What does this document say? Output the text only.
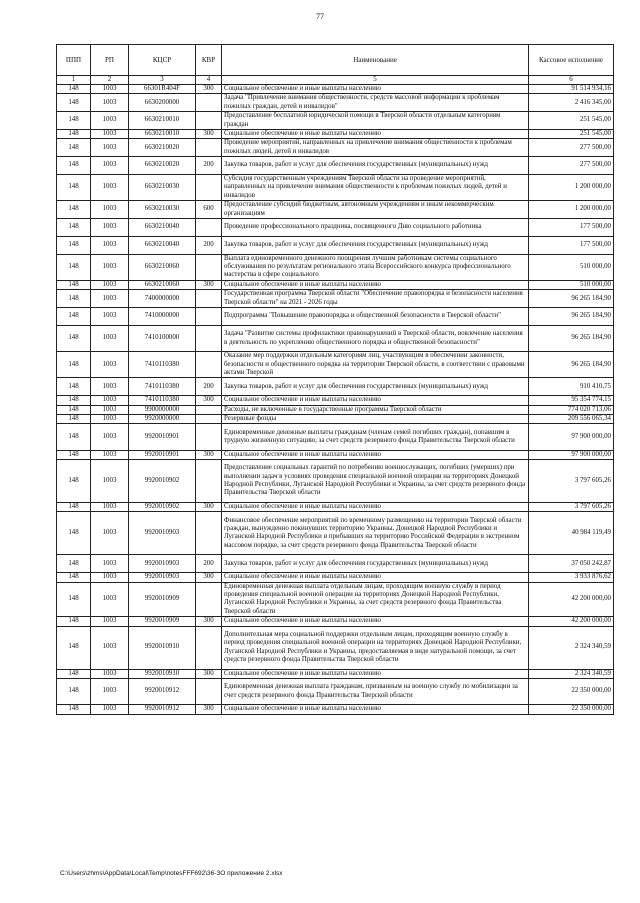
77
ППП	РП	КЦСР	КВР	Наименование	Кассовое исполнение
1	2	3	4	5	6
148	1003	66301R404F	300	Социальное обеспечение и иные выплаты населению	91 514 934,16
148	1003	6630200000		Задача "Привлечение внимания общественности, средств массовой информации к проблемам пожилых граждан, детей и инвалидов"	2 416 345,00
148	1003	6630210010		Предоставление бесплатной юридической помощи в Тверской области отдельным категориям граждан	251 545,00
148	1003	6630210010	300	Социальное обеспечение и иные выплаты населению	251 545,00
148	1003	6630210020		Проведение мероприятий, направленных на привлечение внимания общественности к проблемам пожилых людей, детей и инвалидов	277 500,00
148	1003	6630210020	200	Закупка товаров, работ и услуг для обеспечения государственных (муниципальных) нужд	277 500,00
148	1003	6630210030		Субсидия государственным учреждениям Тверской области на проведение мероприятий, направленных на привлечение внимания общественности к проблемам пожилых людей, детей и инвалидов	1 200 000,00
148	1003	6630210030	600	Предоставление субсидий бюджетным, автономным учреждениям и иным некоммерческим организациям	1 200 000,00
148	1003	6630210040		Проведение профессионального праздника, посвященного Дню социального работника	177 500,00
148	1003	6630210040	200	Закупка товаров, работ и услуг для обеспечения государственных (муниципальных) нужд	177 500,00
148	1003	6630210060		Выплата единовременного денежного поощрения лучшим работникам системы социального обслуживания по результатам регионального этапа Всероссийского конкурса профессионального мастерства в сфере социального	510 000,00
148	1003	6630210060	300	Социальное обеспечение и иные выплаты населению	510 000,00
148	1003	7400000000		Государственная программа Тверской области "Обеспечение правопорядка и безопасности населения Тверской области" на 2021 - 2026 годы	96 265 184,90
148	1003	7410000000		Подпрограмма "Повышение правопорядка и общественной безопасности в Тверской области"	96 265 184,90
148	1003	7410100000		Задача "Развитие системы профилактики правонарушений в Тверской области, вовлечение населения в деятельность по укреплению общественного порядка и общественной безопасности"	96 265 184,90
148	1003	7410110380		Оказание мер поддержки отдельным категориям лиц, участвующим в обеспечении законности, безопасности и общественного порядка на территории Тверской области, в соответствии с правовыми актами Тверской	96 265 184,90
148	1003	7410110380	200	Закупка товаров, работ и услуг для обеспечения государственных (муниципальных) нужд	910 410,75
148	1003	7410110380	300	Социальное обеспечение и иные выплаты населению	95 354 774,15
148	1003	9900000000		Расходы, не включенные в государственные программы Тверской области	774 020 713,06
148	1003	9920000000		Резервные фонды	209 556 065,34
148	1003	9920010901		Единовременные денежные выплаты гражданам (членам семей погибших граждан), попавшим в трудную жизненную ситуацию, за счет средств резервного фонда Правительства Тверской области	97 900 000,00
148	1003	9920010901	300	Социальное обеспечение и иные выплаты населению	97 900 000,00
148	1003	9920010902		Предоставление социальных гарантий по потребению военнослужащих, погибших (умерших) при выполнении задач в условиях проведения специальной военной операции на территориях Донецкой Народной Республики, Луганской Народной Республики и Украины, за счет средств резервного фонда Правительства Тверской области	3 797 605,26
148	1003	9920010902	300	Социальное обеспечение и иные выплаты населению	3 797 605,26
148	1003	9920010903		Финансовое обеспечение мероприятий по временному размещению на территории Тверской области граждан, вынужденно покинувших территорию Украины, Донецкой Народной Республики и Луганской Народной Республики и прибывших на территорию Российской Федерации в экстренном массовом порядке, за счет средств резервного фонда Правительства Тверской области	40 984 119,49
148	1003	9920010903	200	Закупка товаров, работ и услуг для обеспечения государственных (муниципальных) нужд	37 050 242,87
148	1003	9920010903	300	Социальное обеспечение и иные выплаты населению	3 933 876,62
148	1003	9920010909		Единовременная денежная выплата отдельным лицам, проходящим военную службу в период проведения специальной военной операции на территориях Донецкой Народной Республики, Луганской Народной Республики и Украины, за счет средств резервного фонда Правительства Тверской области	42 200 000,00
148	1003	9920010909	300	Социальное обеспечение и иные выплаты населению	42 200 000,00
148	1003	9920010910		Дополнительная мера социальной поддержки отдельным лицам, проходящим военную службу в период проведения специальной военной операции на территориях Донецкой Народной Республики, Луганской Народной Республики и Украины, предоставляемая в виде натуральной помощи, за счет средств резервного фонда Правительства Тверской области	2 324 340,59
148	1003	9920010910	300	Социальное обеспечение и иные выплаты населению	2 324 340,59
148	1003	9920010912		Единовременная денежная выплата гражданам, призванным на военную службу по мобилизации за счет средств резервного фонда Правительства Тверской области	22 350 000,00
148	1003	9920010912	300	Социальное обеспечение и иные выплаты населению	22 350 000,00
C:\Users\zhms\AppData\Local\Temp\notesFFF692\36-ЗО приложение 2.xlsx
